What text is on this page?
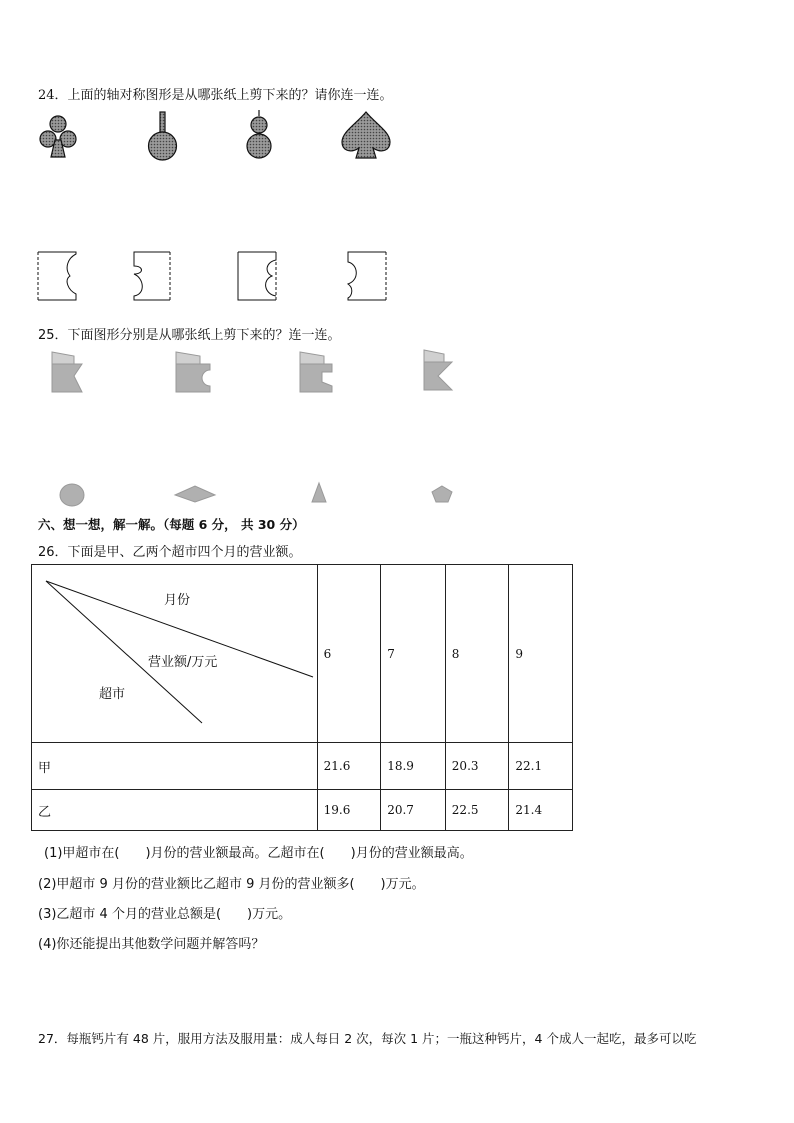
24．上面的轴对称图形是从哪张纸上剪下来的？请你连一连。
25．下面图形分别是从哪张纸上剪下来的？连一连。
六、想一想，解一解。（每题 6 分， 共 30 分）
26．下面是甲、乙两个超市四个月的营业额。
月份
营业额/万元
超市	6	7	8	9
甲	21.6	18.9	20.3	22.1
乙	19.6	20.7	22.5	21.4
(1)甲超市在(　　)月份的营业额最高。乙超市在(　　)月份的营业额最高。
(2)甲超市 9 月份的营业额比乙超市 9 月份的营业额多(　　)万元。
(3)乙超市 4 个月的营业总额是(　　)万元。
(4)你还能提出其他数学问题并解答吗？
27．每瓶钙片有 48 片，服用方法及服用量：成人每日 2 次，每次 1 片；一瓶这种钙片，4 个成人一起吃，最多可以吃
